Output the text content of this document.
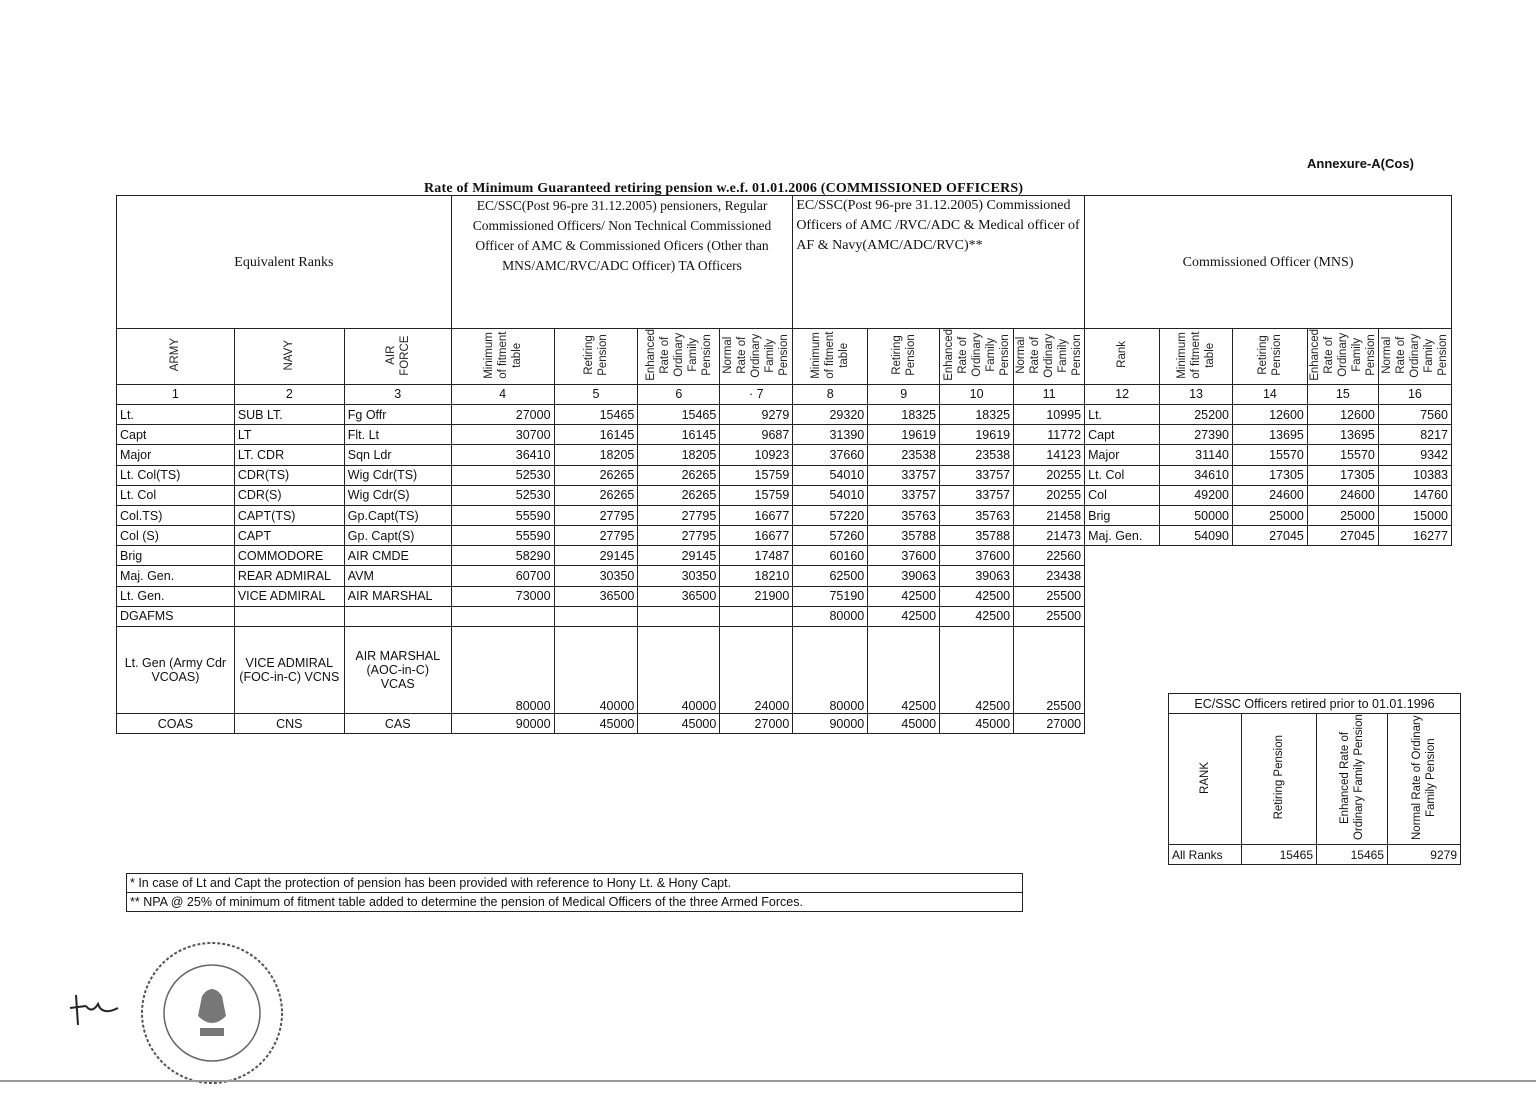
Annexure-A(Cos)
Rate of Minimum Guaranteed retiring pension w.e.f. 01.01.2006 (COMMISSIONED OFFICERS)
Equivalent Ranks			EC/SSC(Post 96-pre 31.12.2005) pensioners, Regular Commissioned Officers/ Non Technical Commissioned Officer of AMC & Commissioned Oficers (Other than MNS/AMC/RVC/ADC Officer) TA Officers				EC/SSC(Post 96-pre 31.12.2005) Commissioned Officers of AMC /RVC/ADC & Medical officer of AF & Navy(AMC/ADC/RVC)**				Commissioned Officer (MNS)				
ARMY	NAVY	AIR FORCE	Minimum of fitment table	Retiring Pension	Enhanced Rate of Ordinary Family Pension	Normal Rate of Ordinary Family Pension	Minimum of fitment table	Retiring Pension	Enhanced Rate of Ordinary Family Pension	Normal Rate of Ordinary Family Pension	Rank	Minimum of fitment table	Retiring Pension	Enhanced Rate of Ordinary Family Pension	Normal Rate of Ordinary Family Pension
1	2	3	4	5	6	· 7	8	9	10	11	12	13	14	15	16
Lt.	SUB LT.	Fg Offr	27000	15465	15465	9279	29320	18325	18325	10995	Lt.	25200	12600	12600	7560
Capt	LT	Flt. Lt	30700	16145	16145	9687	31390	19619	19619	11772	Capt	27390	13695	13695	8217
Major	LT. CDR	Sqn Ldr	36410	18205	18205	10923	37660	23538	23538	14123	Major	31140	15570	15570	9342
Lt. Col(TS)	CDR(TS)	Wig Cdr(TS)	52530	26265	26265	15759	54010	33757	33757	20255	Lt. Col	34610	17305	17305	10383
Lt. Col	CDR(S)	Wig Cdr(S)	52530	26265	26265	15759	54010	33757	33757	20255	Col	49200	24600	24600	14760
Col.TS)	CAPT(TS)	Gp.Capt(TS)	55590	27795	27795	16677	57220	35763	35763	21458	Brig	50000	25000	25000	15000
Col (S)	CAPT	Gp. Capt(S)	55590	27795	27795	16677	57260	35788	35788	21473	Maj. Gen.	54090	27045	27045	16277
Brig	COMMODORE	AIR CMDE	58290	29145	29145	17487	60160	37600	37600	22560					
Maj. Gen.	REAR ADMIRAL	AVM	60700	30350	30350	18210	62500	39063	39063	23438					
Lt. Gen.	VICE ADMIRAL	AIR MARSHAL	73000	36500	36500	21900	75190	42500	42500	25500					
DGAFMS							80000	42500	42500	25500					
Lt. Gen (Army Cdr VCOAS)	VICE ADMIRAL (FOC-in-C) VCNS	AIR MARSHAL (AOC-in-C) VCAS	80000	40000	40000	24000	80000	42500	42500	25500					
COAS	CNS	CAS	90000	45000	45000	27000	90000	45000	45000	27000					
EC/SSC Officers retired prior to 01.01.1996			
RANK	Retiring Pension	Enhanced Rate of Ordinary Family Pension	Normal Rate of Ordinary Family Pension
All Ranks	15465	15465	9279
* In case of Lt and Capt the protection of pension has been provided with reference to Hony Lt. & Hony Capt.
** NPA @ 25% of minimum of fitment table added to determine the pension of Medical Officers of the three Armed Forces.
